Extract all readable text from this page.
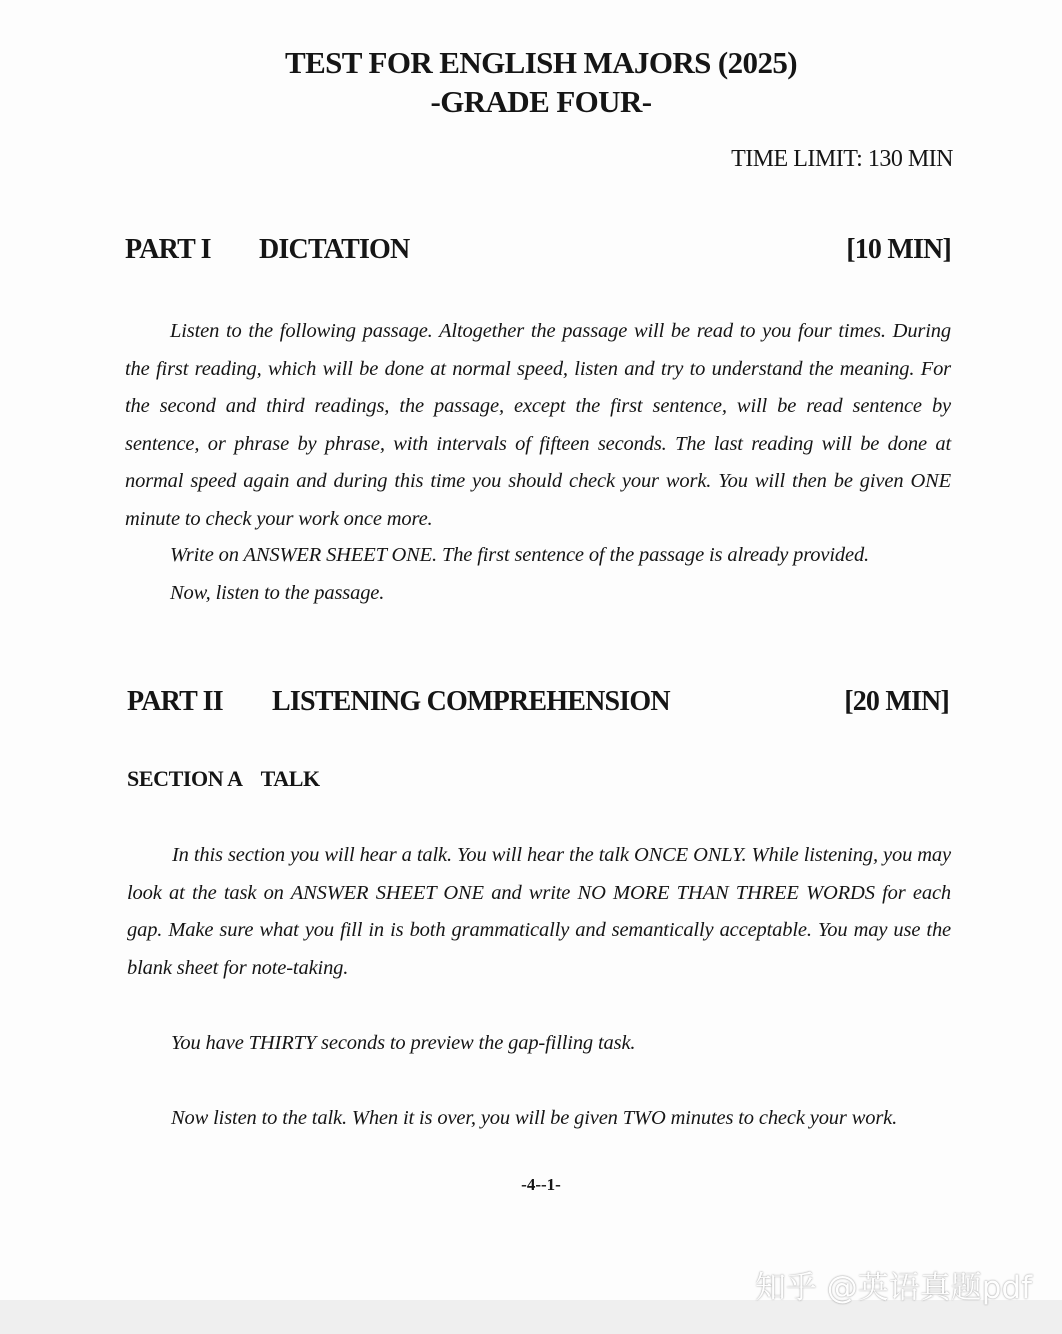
TEST FOR ENGLISH MAJORS (2025)
-GRADE FOUR-
TIME LIMIT: 130 MIN
PART I DICTATION	[10 MIN]

Listen to the following passage. Altogether the passage will be read to you four times. During the first reading, which will be done at normal speed, listen and try to understand the meaning. For the second and third readings, the passage, except the first sentence, will be read sentence by sentence, or phrase by phrase, with intervals of fifteen seconds. The last reading will be done at normal speed again and during this time you should check your work. You will then be given ONE minute to check your work once more.

Write on ANSWER SHEET ONE. The first sentence of the passage is already provided.

Now, listen to the passage.

PART II LISTENING COMPREHENSION	[20 MIN]
SECTION A TALK

In this section you will hear a talk. You will hear the talk ONCE ONLY. While listening, you may look at the task on ANSWER SHEET ONE and write NO MORE THAN THREE WORDS for each gap. Make sure what you fill in is both grammatically and semantically acceptable. You may use the blank sheet for note-taking.

You have THIRTY seconds to preview the gap-filling task.

Now listen to the talk. When it is over, you will be given TWO minutes to check your work.

-4--1-
知乎 @英语真题pdf
